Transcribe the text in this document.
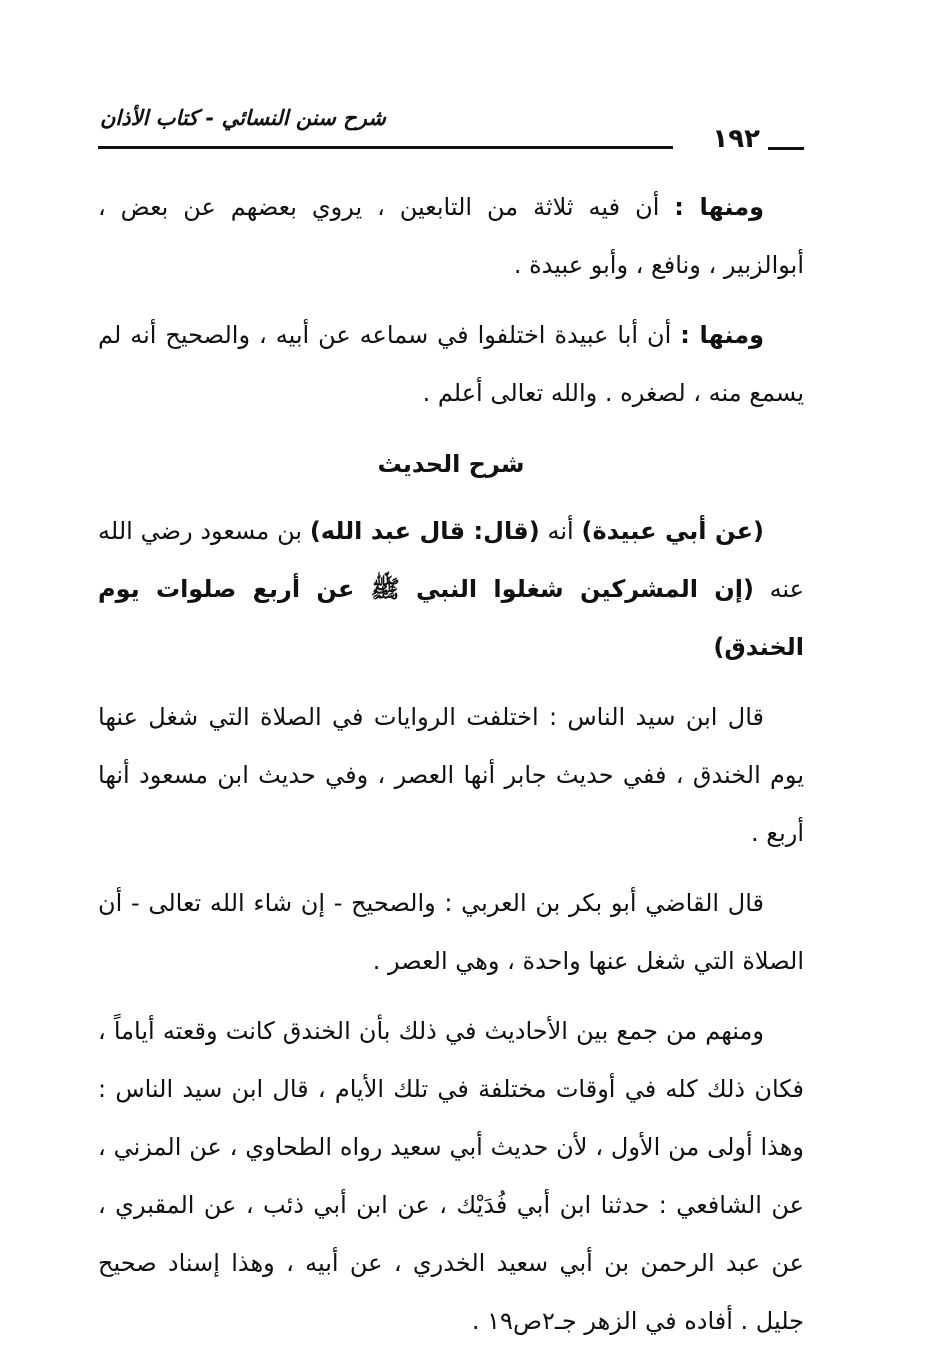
شرح سنن النسائي - كتاب الأذان
١٩٢

ومنها : أن فيه ثلاثة من التابعين ، يروي بعضهم عن بعض ، أبوالزبير ، ونافع ، وأبو عبيدة .

ومنها : أن أبا عبيدة اختلفوا في سماعه عن أبيه ، والصحيح أنه لم يسمع منه ، لصغره . والله تعالى أعلم .

شرح الحديث

(عن أبي عبيدة) أنه (قال: قال عبد الله) بن مسعود رضي الله عنه (إن المشركين شغلوا النبي ﷺ عن أربع صلوات يوم الخندق)

قال ابن سيد الناس : اختلفت الروايات في الصلاة التي شغل عنها يوم الخندق ، ففي حديث جابر أنها العصر ، وفي حديث ابن مسعود أنها أربع .

قال القاضي أبو بكر بن العربي : والصحيح - إن شاء الله تعالى - أن الصلاة التي شغل عنها واحدة ، وهي العصر .

ومنهم من جمع بين الأحاديث في ذلك بأن الخندق كانت وقعته أياماً ، فكان ذلك كله في أوقات مختلفة في تلك الأيام ، قال ابن سيد الناس : وهذا أولى من الأول ، لأن حديث أبي سعيد رواه الطحاوي ، عن المزني ، عن الشافعي : حدثنا ابن أبي فُدَيْك ، عن ابن أبي ذئب ، عن المقبري ، عن عبد الرحمن بن أبي سعيد الخدري ، عن أبيه ، وهذا إسناد صحيح جليل . أفاده في الزهر جـ٢ص١٩ .
